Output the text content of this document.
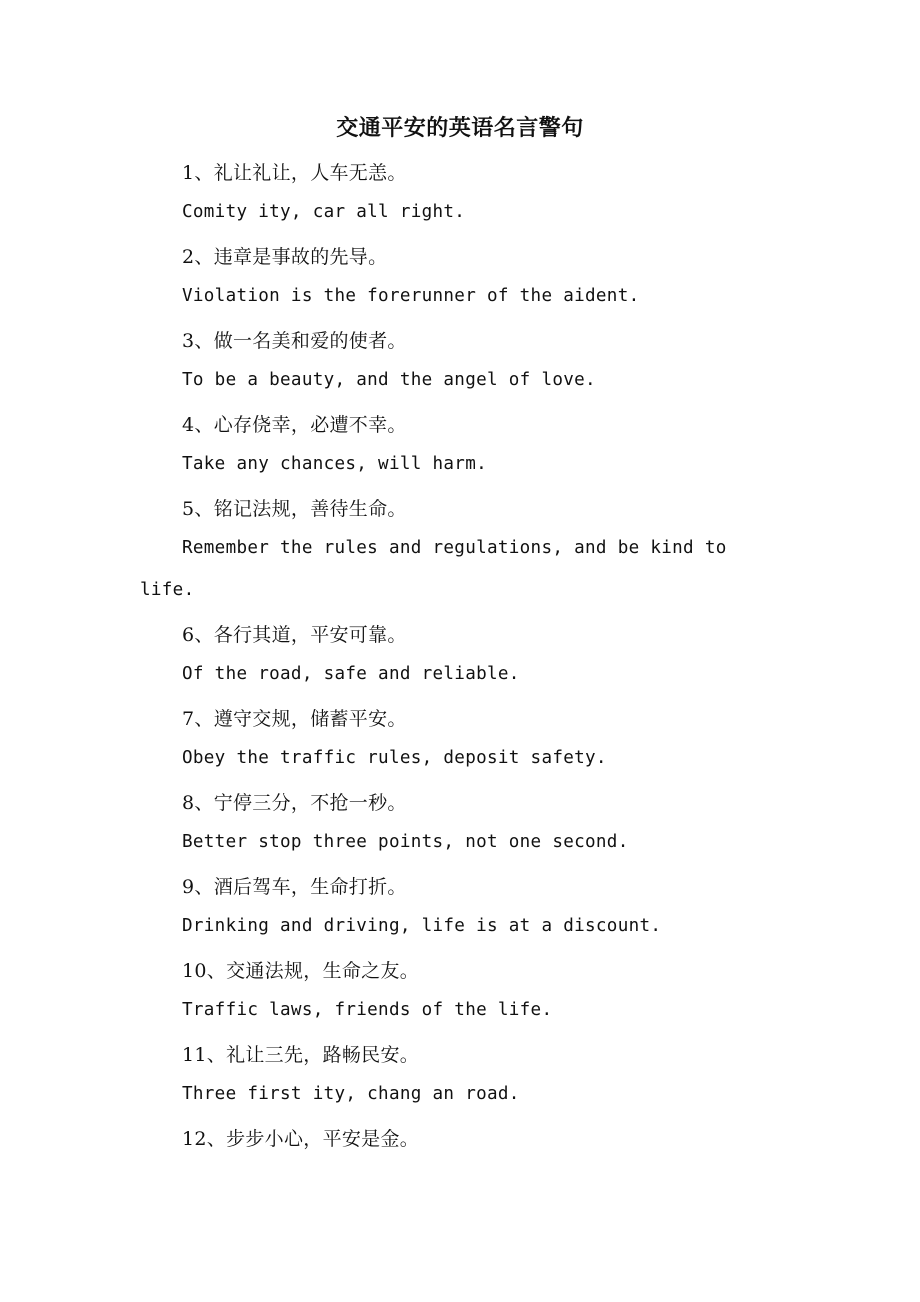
交通平安的英语名言警句

1、礼让礼让，人车无恙。

Comity ity, car all right.

2、违章是事故的先导。

Violation is the forerunner of the aident.

3、做一名美和爱的使者。

To be a beauty, and the angel of love.

4、心存侥幸，必遭不幸。

Take any chances, will harm.

5、铭记法规，善待生命。

Remember the rules and regulations, and be kind to life.

6、各行其道，平安可靠。

Of the road, safe and reliable.

7、遵守交规，储蓄平安。

Obey the traffic rules, deposit safety.

8、宁停三分，不抢一秒。

Better stop three points, not one second.

9、酒后驾车，生命打折。

Drinking and driving, life is at a discount.

10、交通法规，生命之友。

Traffic laws, friends of the life.

11、礼让三先，路畅民安。

Three first ity, chang an road.

12、步步小心，平安是金。
